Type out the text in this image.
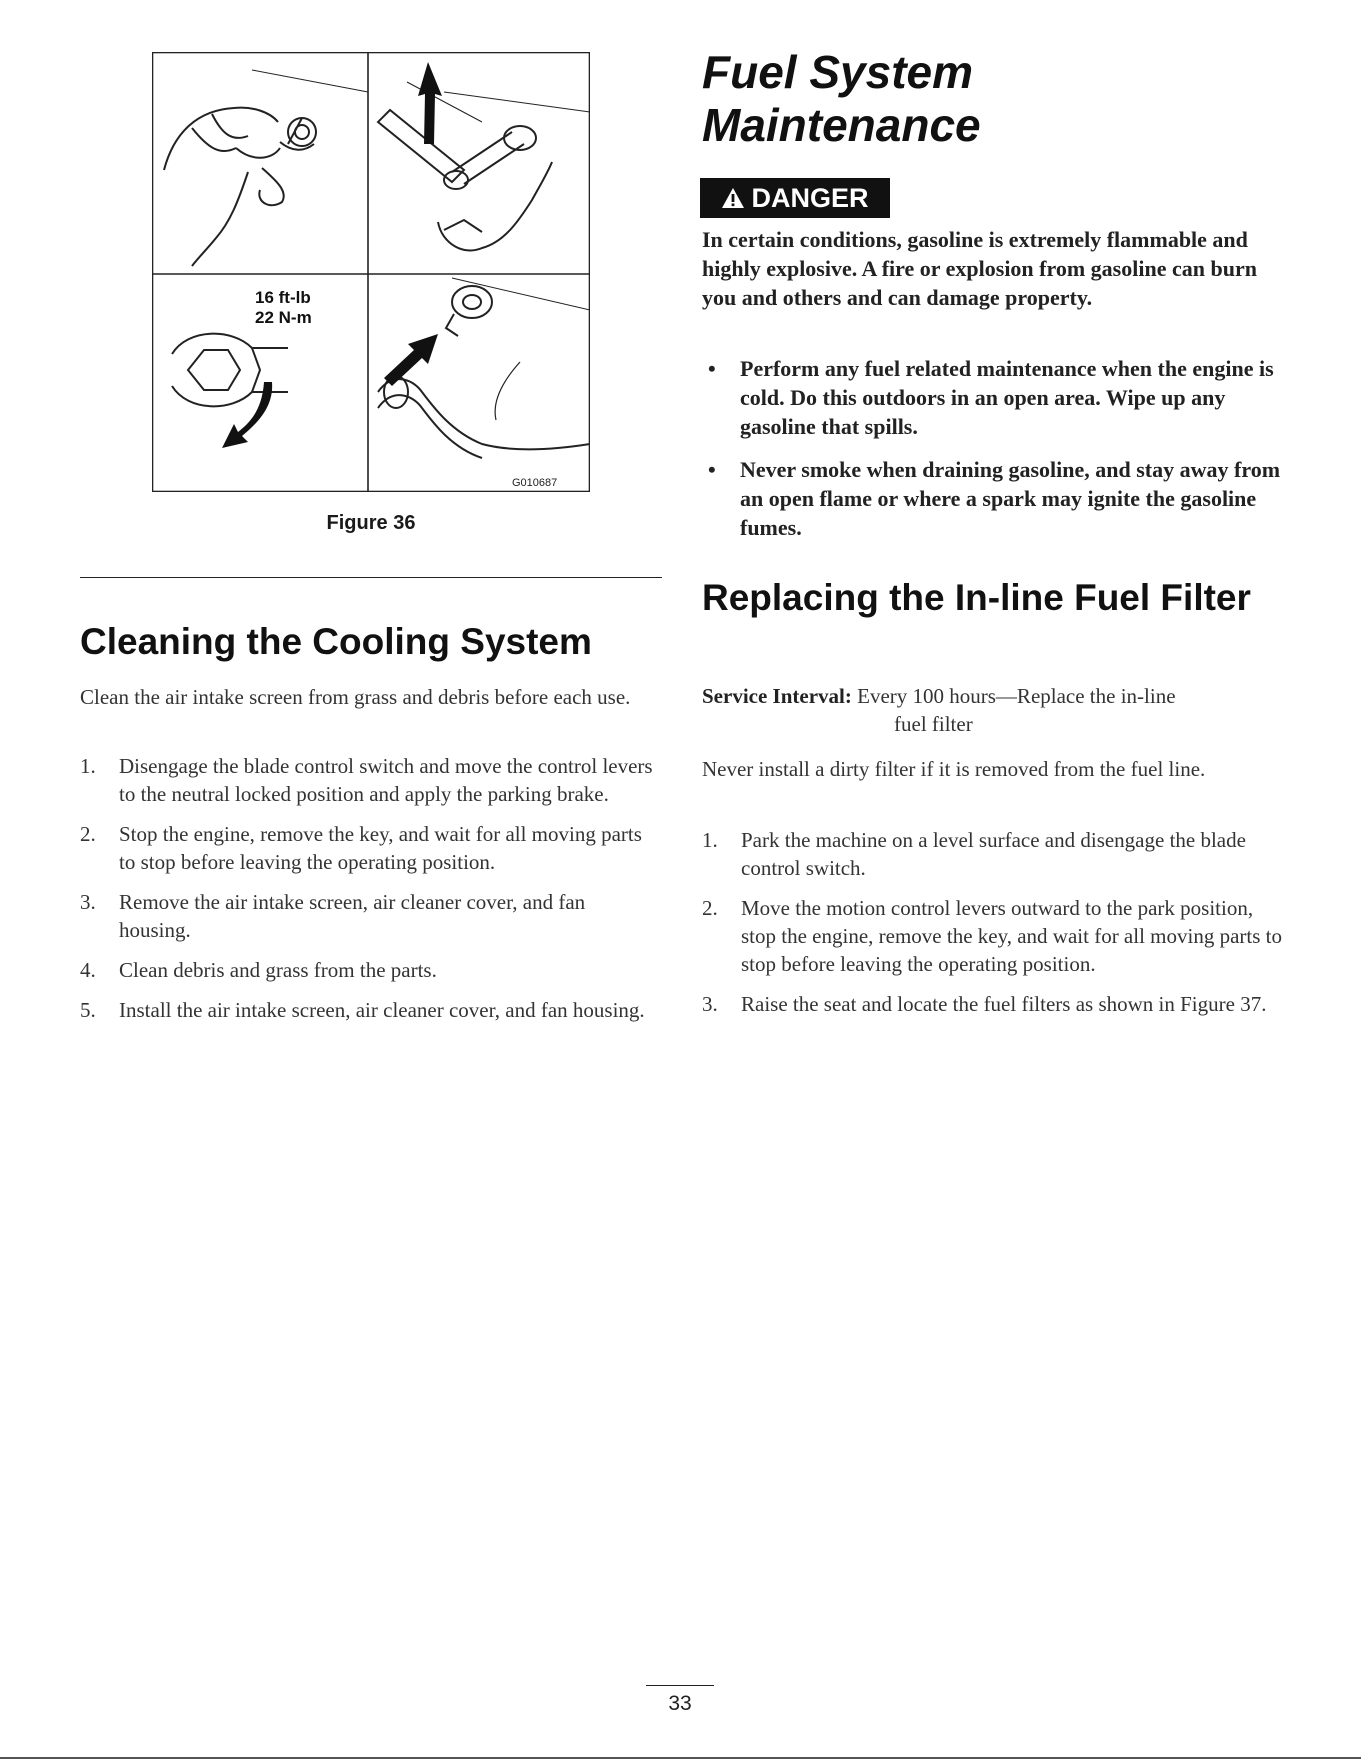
16 ft-lb
22 N-m
G010687
Figure 36
Cleaning the Cooling System

Clean the air intake screen from grass and debris before each use.

1. Disengage the blade control switch and move the control levers to the neutral locked position and apply the parking brake.
2. Stop the engine, remove the key, and wait for all moving parts to stop before leaving the operating position.
3. Remove the air intake screen, air cleaner cover, and fan housing.
4. Clean debris and grass from the parts.
5. Install the air intake screen, air cleaner cover, and fan housing.
Fuel System Maintenance
DANGER

In certain conditions, gasoline is extremely flammable and highly explosive. A fire or explosion from gasoline can burn you and others and can damage property.

• Perform any fuel related maintenance when the engine is cold. Do this outdoors in an open area. Wipe up any gasoline that spills.
• Never smoke when draining gasoline, and stay away from an open flame or where a spark may ignite the gasoline fumes.
Replacing the In-line Fuel Filter

Service Interval: Every 100 hours—Replace the in-line
fuel filter

Never install a dirty filter if it is removed from the fuel line.

1. Park the machine on a level surface and disengage the blade control switch.
2. Move the motion control levers outward to the park position, stop the engine, remove the key, and wait for all moving parts to stop before leaving the operating position.
3. Raise the seat and locate the fuel filters as shown in Figure 37.
33
